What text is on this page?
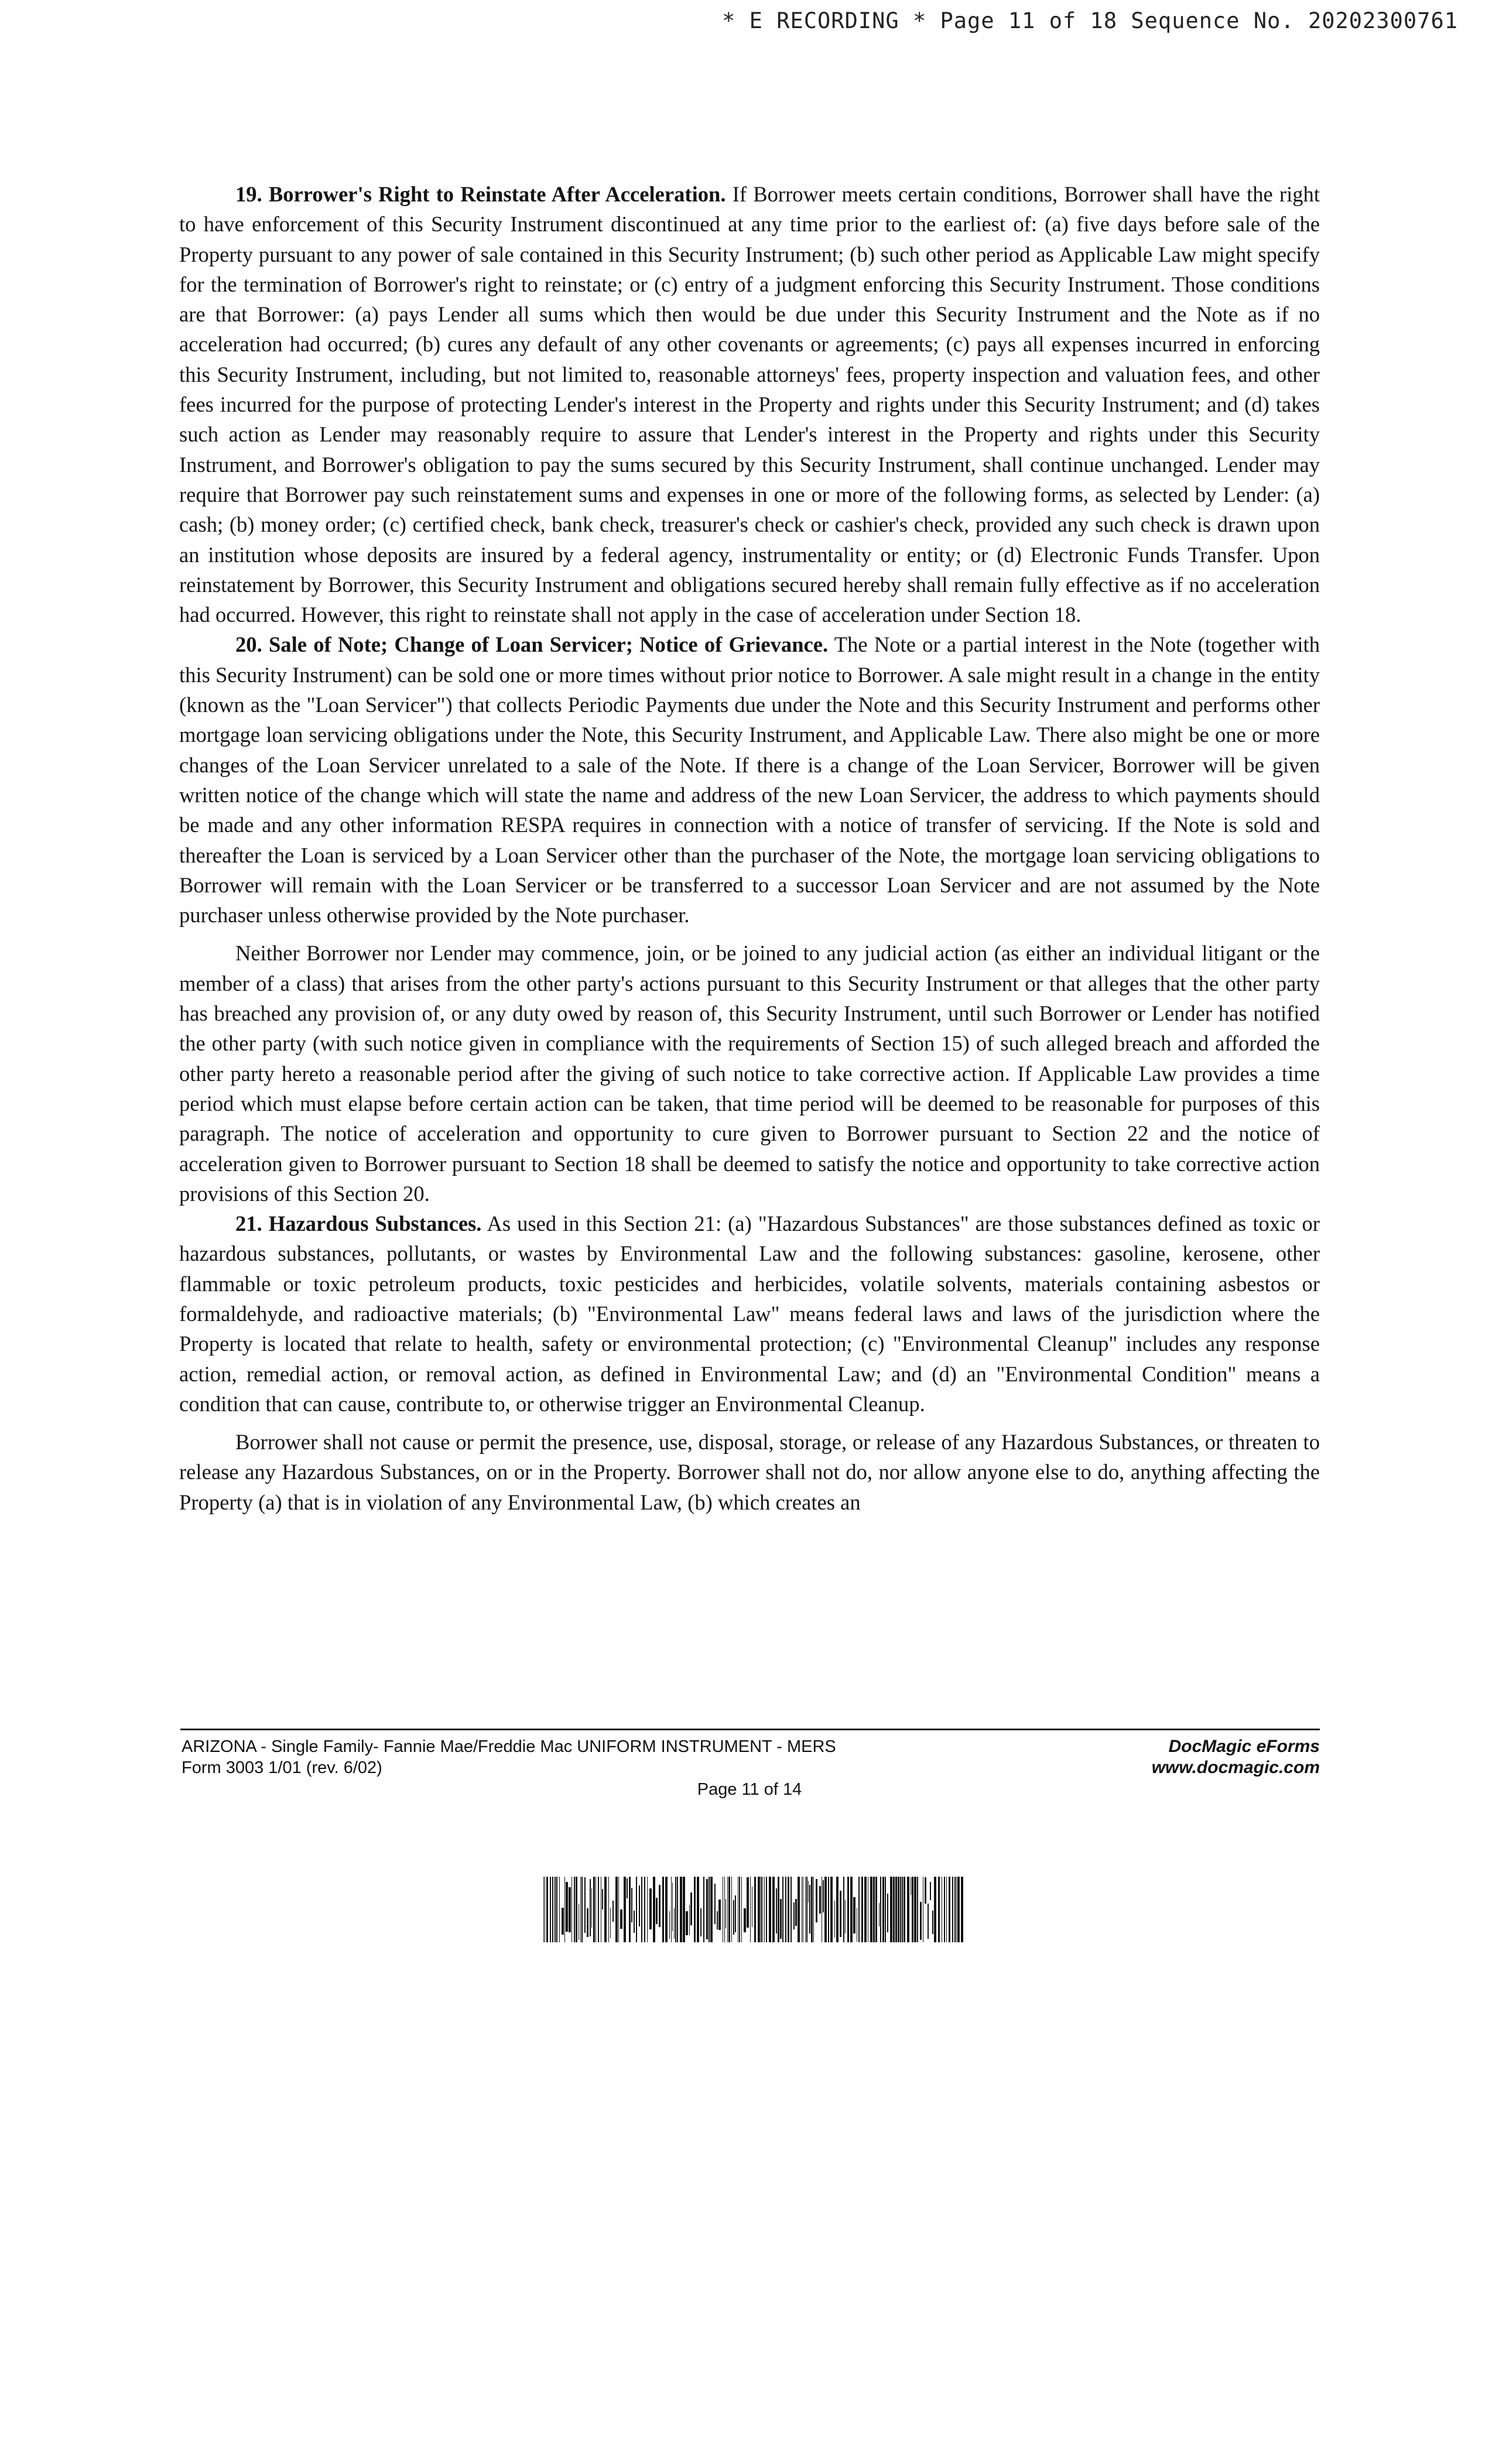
* E RECORDING * Page 11 of 18 Sequence No. 20202300761

19. Borrower's Right to Reinstate After Acceleration. If Borrower meets certain conditions, Borrower shall have the right to have enforcement of this Security Instrument discontinued at any time prior to the earliest of: (a) five days before sale of the Property pursuant to any power of sale contained in this Security Instrument; (b) such other period as Applicable Law might specify for the termination of Borrower's right to reinstate; or (c) entry of a judgment enforcing this Security Instrument. Those conditions are that Borrower: (a) pays Lender all sums which then would be due under this Security Instrument and the Note as if no acceleration had occurred; (b) cures any default of any other covenants or agreements; (c) pays all expenses incurred in enforcing this Security Instrument, including, but not limited to, reasonable attorneys' fees, property inspection and valuation fees, and other fees incurred for the purpose of protecting Lender's interest in the Property and rights under this Security Instrument; and (d) takes such action as Lender may reasonably require to assure that Lender's interest in the Property and rights under this Security Instrument, and Borrower's obligation to pay the sums secured by this Security Instrument, shall continue unchanged. Lender may require that Borrower pay such reinstatement sums and expenses in one or more of the following forms, as selected by Lender: (a) cash; (b) money order; (c) certified check, bank check, treasurer's check or cashier's check, provided any such check is drawn upon an institution whose deposits are insured by a federal agency, instrumentality or entity; or (d) Electronic Funds Transfer. Upon reinstatement by Borrower, this Security Instrument and obligations secured hereby shall remain fully effective as if no acceleration had occurred. However, this right to reinstate shall not apply in the case of acceleration under Section 18.

20. Sale of Note; Change of Loan Servicer; Notice of Grievance. The Note or a partial interest in the Note (together with this Security Instrument) can be sold one or more times without prior notice to Borrower. A sale might result in a change in the entity (known as the "Loan Servicer") that collects Periodic Payments due under the Note and this Security Instrument and performs other mortgage loan servicing obligations under the Note, this Security Instrument, and Applicable Law. There also might be one or more changes of the Loan Servicer unrelated to a sale of the Note. If there is a change of the Loan Servicer, Borrower will be given written notice of the change which will state the name and address of the new Loan Servicer, the address to which payments should be made and any other information RESPA requires in connection with a notice of transfer of servicing. If the Note is sold and thereafter the Loan is serviced by a Loan Servicer other than the purchaser of the Note, the mortgage loan servicing obligations to Borrower will remain with the Loan Servicer or be transferred to a successor Loan Servicer and are not assumed by the Note purchaser unless otherwise provided by the Note purchaser.

Neither Borrower nor Lender may commence, join, or be joined to any judicial action (as either an individual litigant or the member of a class) that arises from the other party's actions pursuant to this Security Instrument or that alleges that the other party has breached any provision of, or any duty owed by reason of, this Security Instrument, until such Borrower or Lender has notified the other party (with such notice given in compliance with the requirements of Section 15) of such alleged breach and afforded the other party hereto a reasonable period after the giving of such notice to take corrective action. If Applicable Law provides a time period which must elapse before certain action can be taken, that time period will be deemed to be reasonable for purposes of this paragraph. The notice of acceleration and opportunity to cure given to Borrower pursuant to Section 22 and the notice of acceleration given to Borrower pursuant to Section 18 shall be deemed to satisfy the notice and opportunity to take corrective action provisions of this Section 20.

21. Hazardous Substances. As used in this Section 21: (a) "Hazardous Substances" are those substances defined as toxic or hazardous substances, pollutants, or wastes by Environmental Law and the following substances: gasoline, kerosene, other flammable or toxic petroleum products, toxic pesticides and herbicides, volatile solvents, materials containing asbestos or formaldehyde, and radioactive materials; (b) "Environmental Law" means federal laws and laws of the jurisdiction where the Property is located that relate to health, safety or environmental protection; (c) "Environmental Cleanup" includes any response action, remedial action, or removal action, as defined in Environmental Law; and (d) an "Environmental Condition" means a condition that can cause, contribute to, or otherwise trigger an Environmental Cleanup.

Borrower shall not cause or permit the presence, use, disposal, storage, or release of any Hazardous Substances, or threaten to release any Hazardous Substances, on or in the Property. Borrower shall not do, nor allow anyone else to do, anything affecting the Property (a) that is in violation of any Environmental Law, (b) which creates an

ARIZONA - Single Family- Fannie Mae/Freddie Mac UNIFORM INSTRUMENT - MERS
Form 3003 1/01 (rev. 6/02)
Page 11 of 14
DocMagic eForms
www.docmagic.com
